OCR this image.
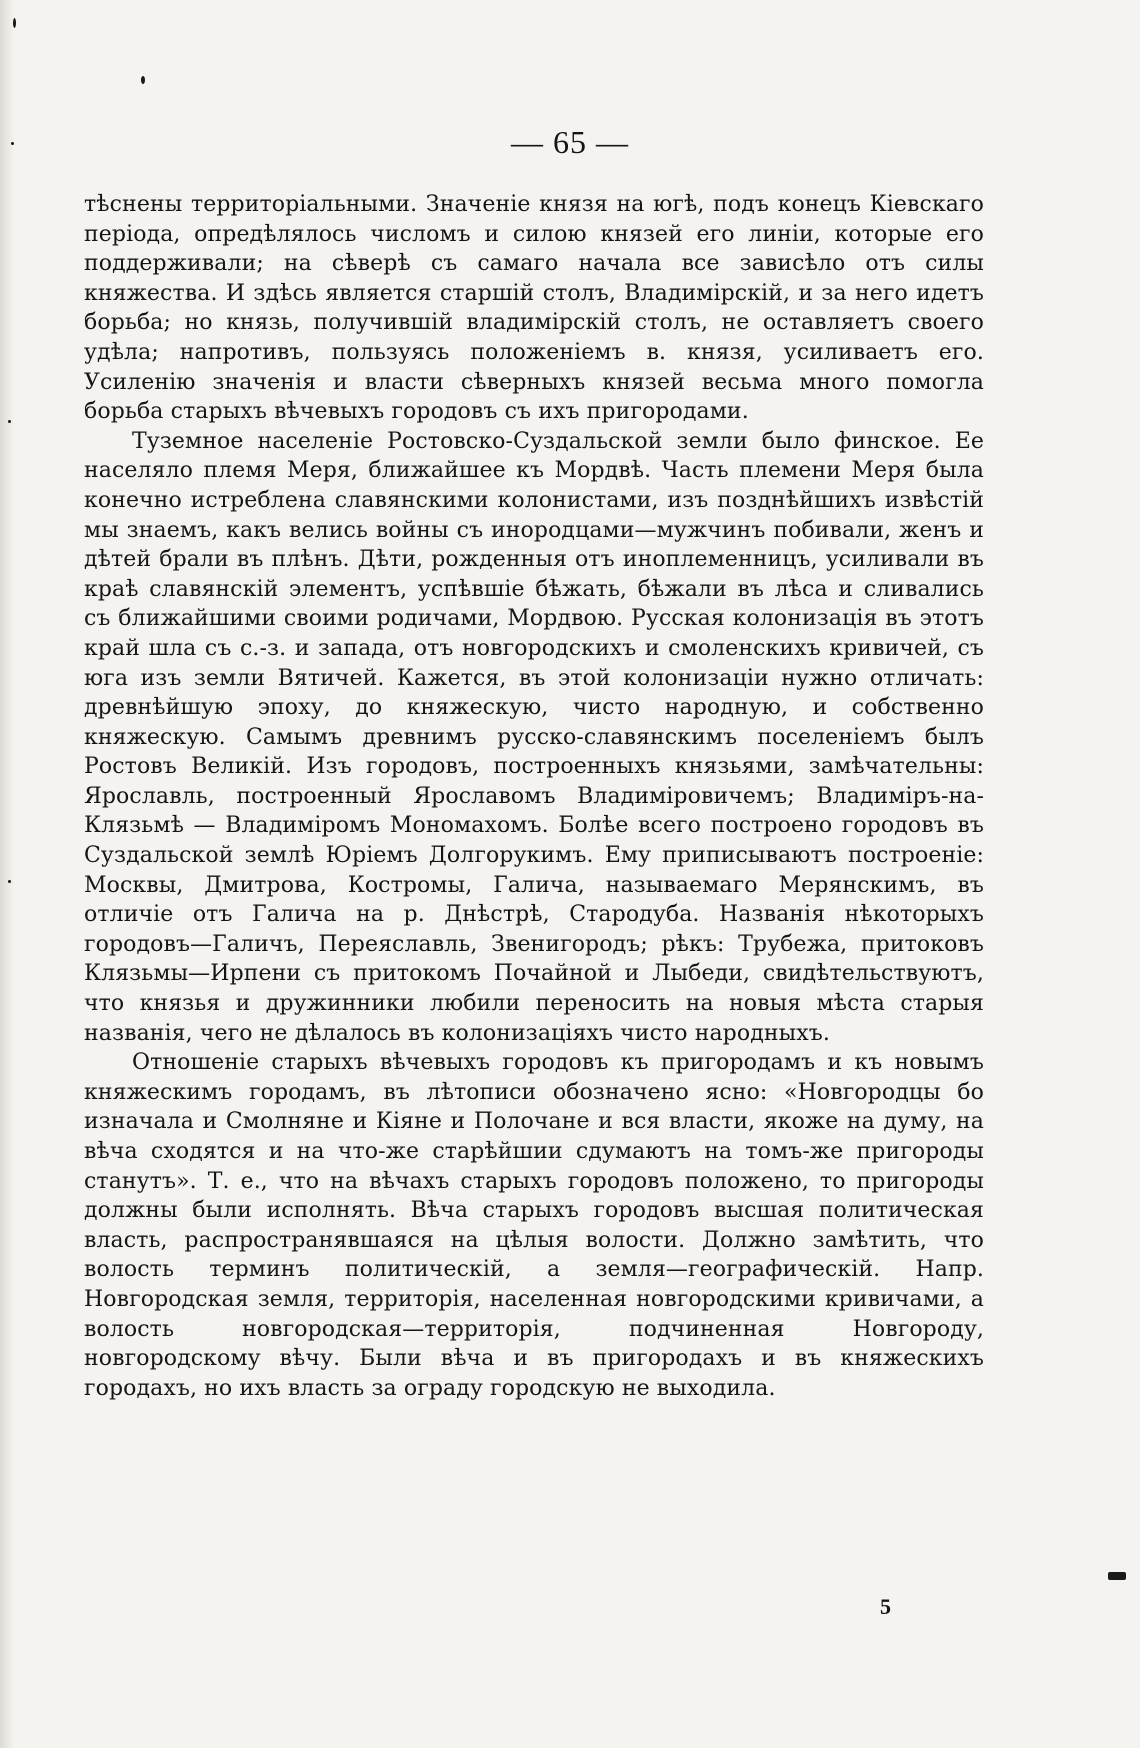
— 65 —

тѣснены территоріальными. Значеніе князя на югѣ, подъ конецъ Кіевскаго періода, опредѣлялось числомъ и силою князей его линіи, которые его поддерживали; на сѣверѣ съ самаго начала все зависѣло отъ силы княжества. И здѣсь является старшій столъ, Владимірскій, и за него идетъ борьба; но князь, получившій владимірскій столъ, не оставляетъ своего удѣла; напротивъ, пользуясь положеніемъ в. князя, усиливаетъ его. Усиленію значенія и власти сѣверныхъ князей весьма много помогла борьба старыхъ вѣчевыхъ городовъ съ ихъ пригородами.

Туземное населеніе Ростовско-Суздальской земли было финское. Ее населяло племя Меря, ближайшее къ Мордвѣ. Часть племени Меря была конечно истреблена славянскими колонистами, изъ позднѣйшихъ извѣстій мы знаемъ, какъ велись войны съ инородцами—мужчинъ побивали, женъ и дѣтей брали въ плѣнъ. Дѣти, рожденныя отъ иноплеменницъ, усиливали въ краѣ славянскій элементъ, успѣвшіе бѣжать, бѣжали въ лѣса и сливались съ ближайшими своими родичами, Мордвою. Русская колонизація въ этотъ край шла съ с.-з. и запада, отъ новгородскихъ и смоленскихъ кривичей, съ юга изъ земли Вятичей. Кажется, въ этой колонизаціи нужно отличать: древнѣйшую эпоху, до княжескую, чисто народную, и собственно княжескую. Самымъ древнимъ русско-славянскимъ поселеніемъ былъ Ростовъ Великій. Изъ городовъ, построенныхъ князьями, замѣчательны: Ярославль, построенный Ярославомъ Владиміровичемъ; Владиміръ-на-Клязьмѣ — Владиміромъ Мономахомъ. Болѣе всего построено городовъ въ Суздальской землѣ Юріемъ Долгорукимъ. Ему приписываютъ построеніе: Москвы, Дмитрова, Костромы, Галича, называемаго Мерянскимъ, въ отличіе отъ Галича на р. Днѣстрѣ, Стародуба. Названія нѣкоторыхъ городовъ—Галичъ, Переяславль, Звенигородъ; рѣкъ: Трубежа, притоковъ Клязьмы—Ирпени съ притокомъ Почайной и Лыбеди, свидѣтельствуютъ, что князья и дружинники любили переносить на новыя мѣста старыя названія, чего не дѣлалось въ колонизаціяхъ чисто народныхъ.

Отношеніе старыхъ вѣчевыхъ городовъ къ пригородамъ и къ новымъ княжескимъ городамъ, въ лѣтописи обозначено ясно: «Новгородцы бо изначала и Смолняне и Кіяне и Полочане и вся власти, якоже на думу, на вѣча сходятся и на что-же старѣйшии сдумаютъ на томъ-же пригороды станутъ». Т. е., что на вѣчахъ старыхъ городовъ положено, то пригороды должны были исполнять. Вѣча старыхъ городовъ высшая политическая власть, распространявшаяся на цѣлыя волости. Должно замѣтить, что волость терминъ политическій, а земля—географическій. Напр. Новгородская земля, территорія, населенная новгородскими кривичами, а волость новгородская—территорія, подчиненная Новгороду, новгородскому вѣчу. Были вѣча и въ пригородахъ и въ княжескихъ городахъ, но ихъ власть за ограду городскую не выходила.

5
